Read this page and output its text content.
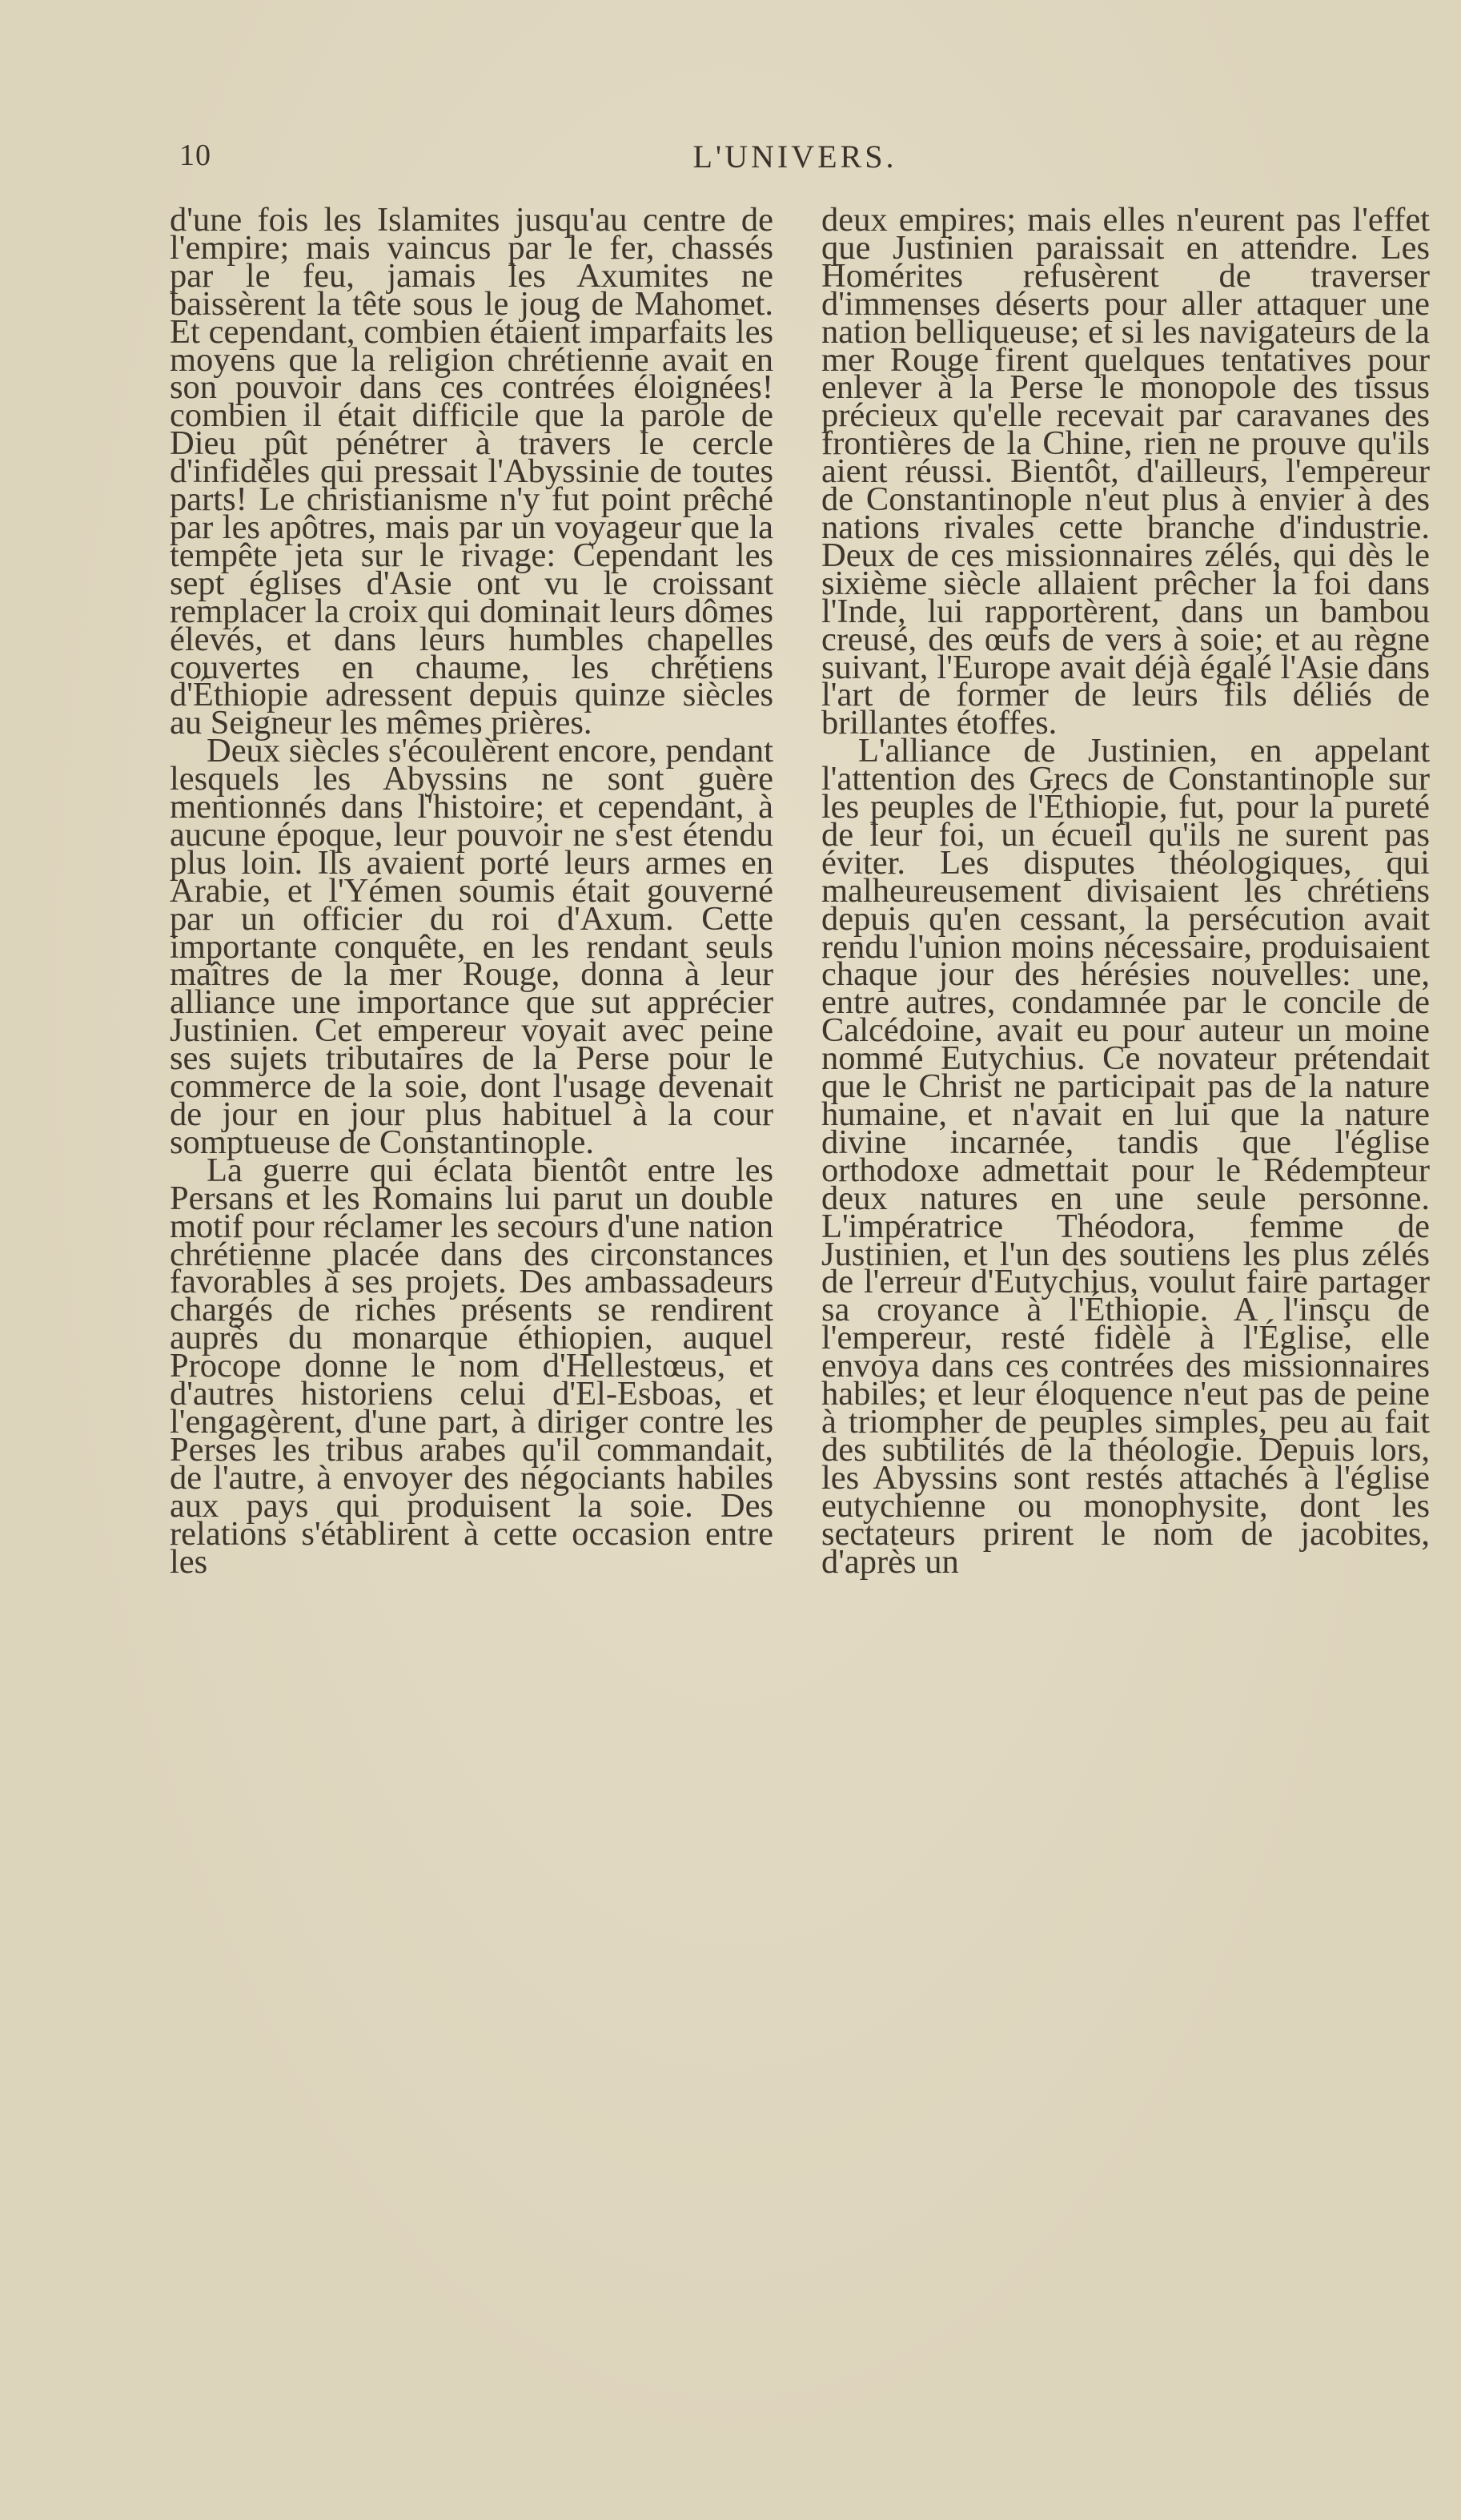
10	L'UNIVERS.

d'une fois les Islamites jusqu'au centre de l'empire; mais vaincus par le fer, chassés par le feu, jamais les Axumites ne baissèrent la tête sous le joug de Mahomet. Et cependant, combien étaient imparfaits les moyens que la religion chrétienne avait en son pouvoir dans ces contrées éloignées! combien il était difficile que la parole de Dieu pût pénétrer à travers le cercle d'infidèles qui pressait l'Abyssinie de toutes parts! Le christianisme n'y fut point prêché par les apôtres, mais par un voyageur que la tempête jeta sur le rivage: Cependant les sept églises d'Asie ont vu le croissant remplacer la croix qui dominait leurs dômes élevés, et dans leurs humbles chapelles couvertes en chaume, les chrétiens d'Éthiopie adressent depuis quinze siècles au Seigneur les mêmes prières.

Deux siècles s'écoulèrent encore, pendant lesquels les Abyssins ne sont guère mentionnés dans l'histoire; et cependant, à aucune époque, leur pouvoir ne s'est étendu plus loin. Ils avaient porté leurs armes en Arabie, et l'Yémen soumis était gouverné par un officier du roi d'Axum. Cette importante conquête, en les rendant seuls maîtres de la mer Rouge, donna à leur alliance une importance que sut apprécier Justinien. Cet empereur voyait avec peine ses sujets tributaires de la Perse pour le commerce de la soie, dont l'usage devenait de jour en jour plus habituel à la cour somptueuse de Constantinople.

La guerre qui éclata bientôt entre les Persans et les Romains lui parut un double motif pour réclamer les secours d'une nation chrétienne placée dans des circonstances favorables à ses projets. Des ambassadeurs chargés de riches présents se rendirent auprès du monarque éthiopien, auquel Procope donne le nom d'Hellestœus, et d'autres historiens celui d'El-Esboas, et l'engagèrent, d'une part, à diriger contre les Perses les tribus arabes qu'il commandait, de l'autre, à envoyer des négociants habiles aux pays qui produisent la soie. Des relations s'établirent à cette occasion entre les

deux empires; mais elles n'eurent pas l'effet que Justinien paraissait en attendre. Les Homérites refusèrent de traverser d'immenses déserts pour aller attaquer une nation belliqueuse; et si les navigateurs de la mer Rouge firent quelques tentatives pour enlever à la Perse le monopole des tissus précieux qu'elle recevait par caravanes des frontières de la Chine, rien ne prouve qu'ils aient réussi. Bientôt, d'ailleurs, l'empereur de Constantinople n'eut plus à envier à des nations rivales cette branche d'industrie. Deux de ces missionnaires zélés, qui dès le sixième siècle allaient prêcher la foi dans l'Inde, lui rapportèrent, dans un bambou creusé, des œufs de vers à soie; et au règne suivant, l'Europe avait déjà égalé l'Asie dans l'art de former de leurs fils déliés de brillantes étoffes.

L'alliance de Justinien, en appelant l'attention des Grecs de Constantinople sur les peuples de l'Éthiopie, fut, pour la pureté de leur foi, un écueil qu'ils ne surent pas éviter. Les disputes théologiques, qui malheureusement divisaient les chrétiens depuis qu'en cessant, la persécution avait rendu l'union moins nécessaire, produisaient chaque jour des hérésies nouvelles: une, entre autres, condamnée par le concile de Calcédoine, avait eu pour auteur un moine nommé Eutychius. Ce novateur prétendait que le Christ ne participait pas de la nature humaine, et n'avait en lui que la nature divine incarnée, tandis que l'église orthodoxe admettait pour le Rédempteur deux natures en une seule personne. L'impératrice Théodora, femme de Justinien, et l'un des soutiens les plus zélés de l'erreur d'Eutychius, voulut faire partager sa croyance à l'Éthiopie. A l'insçu de l'empereur, resté fidèle à l'Église, elle envoya dans ces contrées des missionnaires habiles; et leur éloquence n'eut pas de peine à triompher de peuples simples, peu au fait des subtilités de la théologie. Depuis lors, les Abyssins sont restés attachés à l'église eutychienne ou monophysite, dont les sectateurs prirent le nom de jacobites, d'après un
